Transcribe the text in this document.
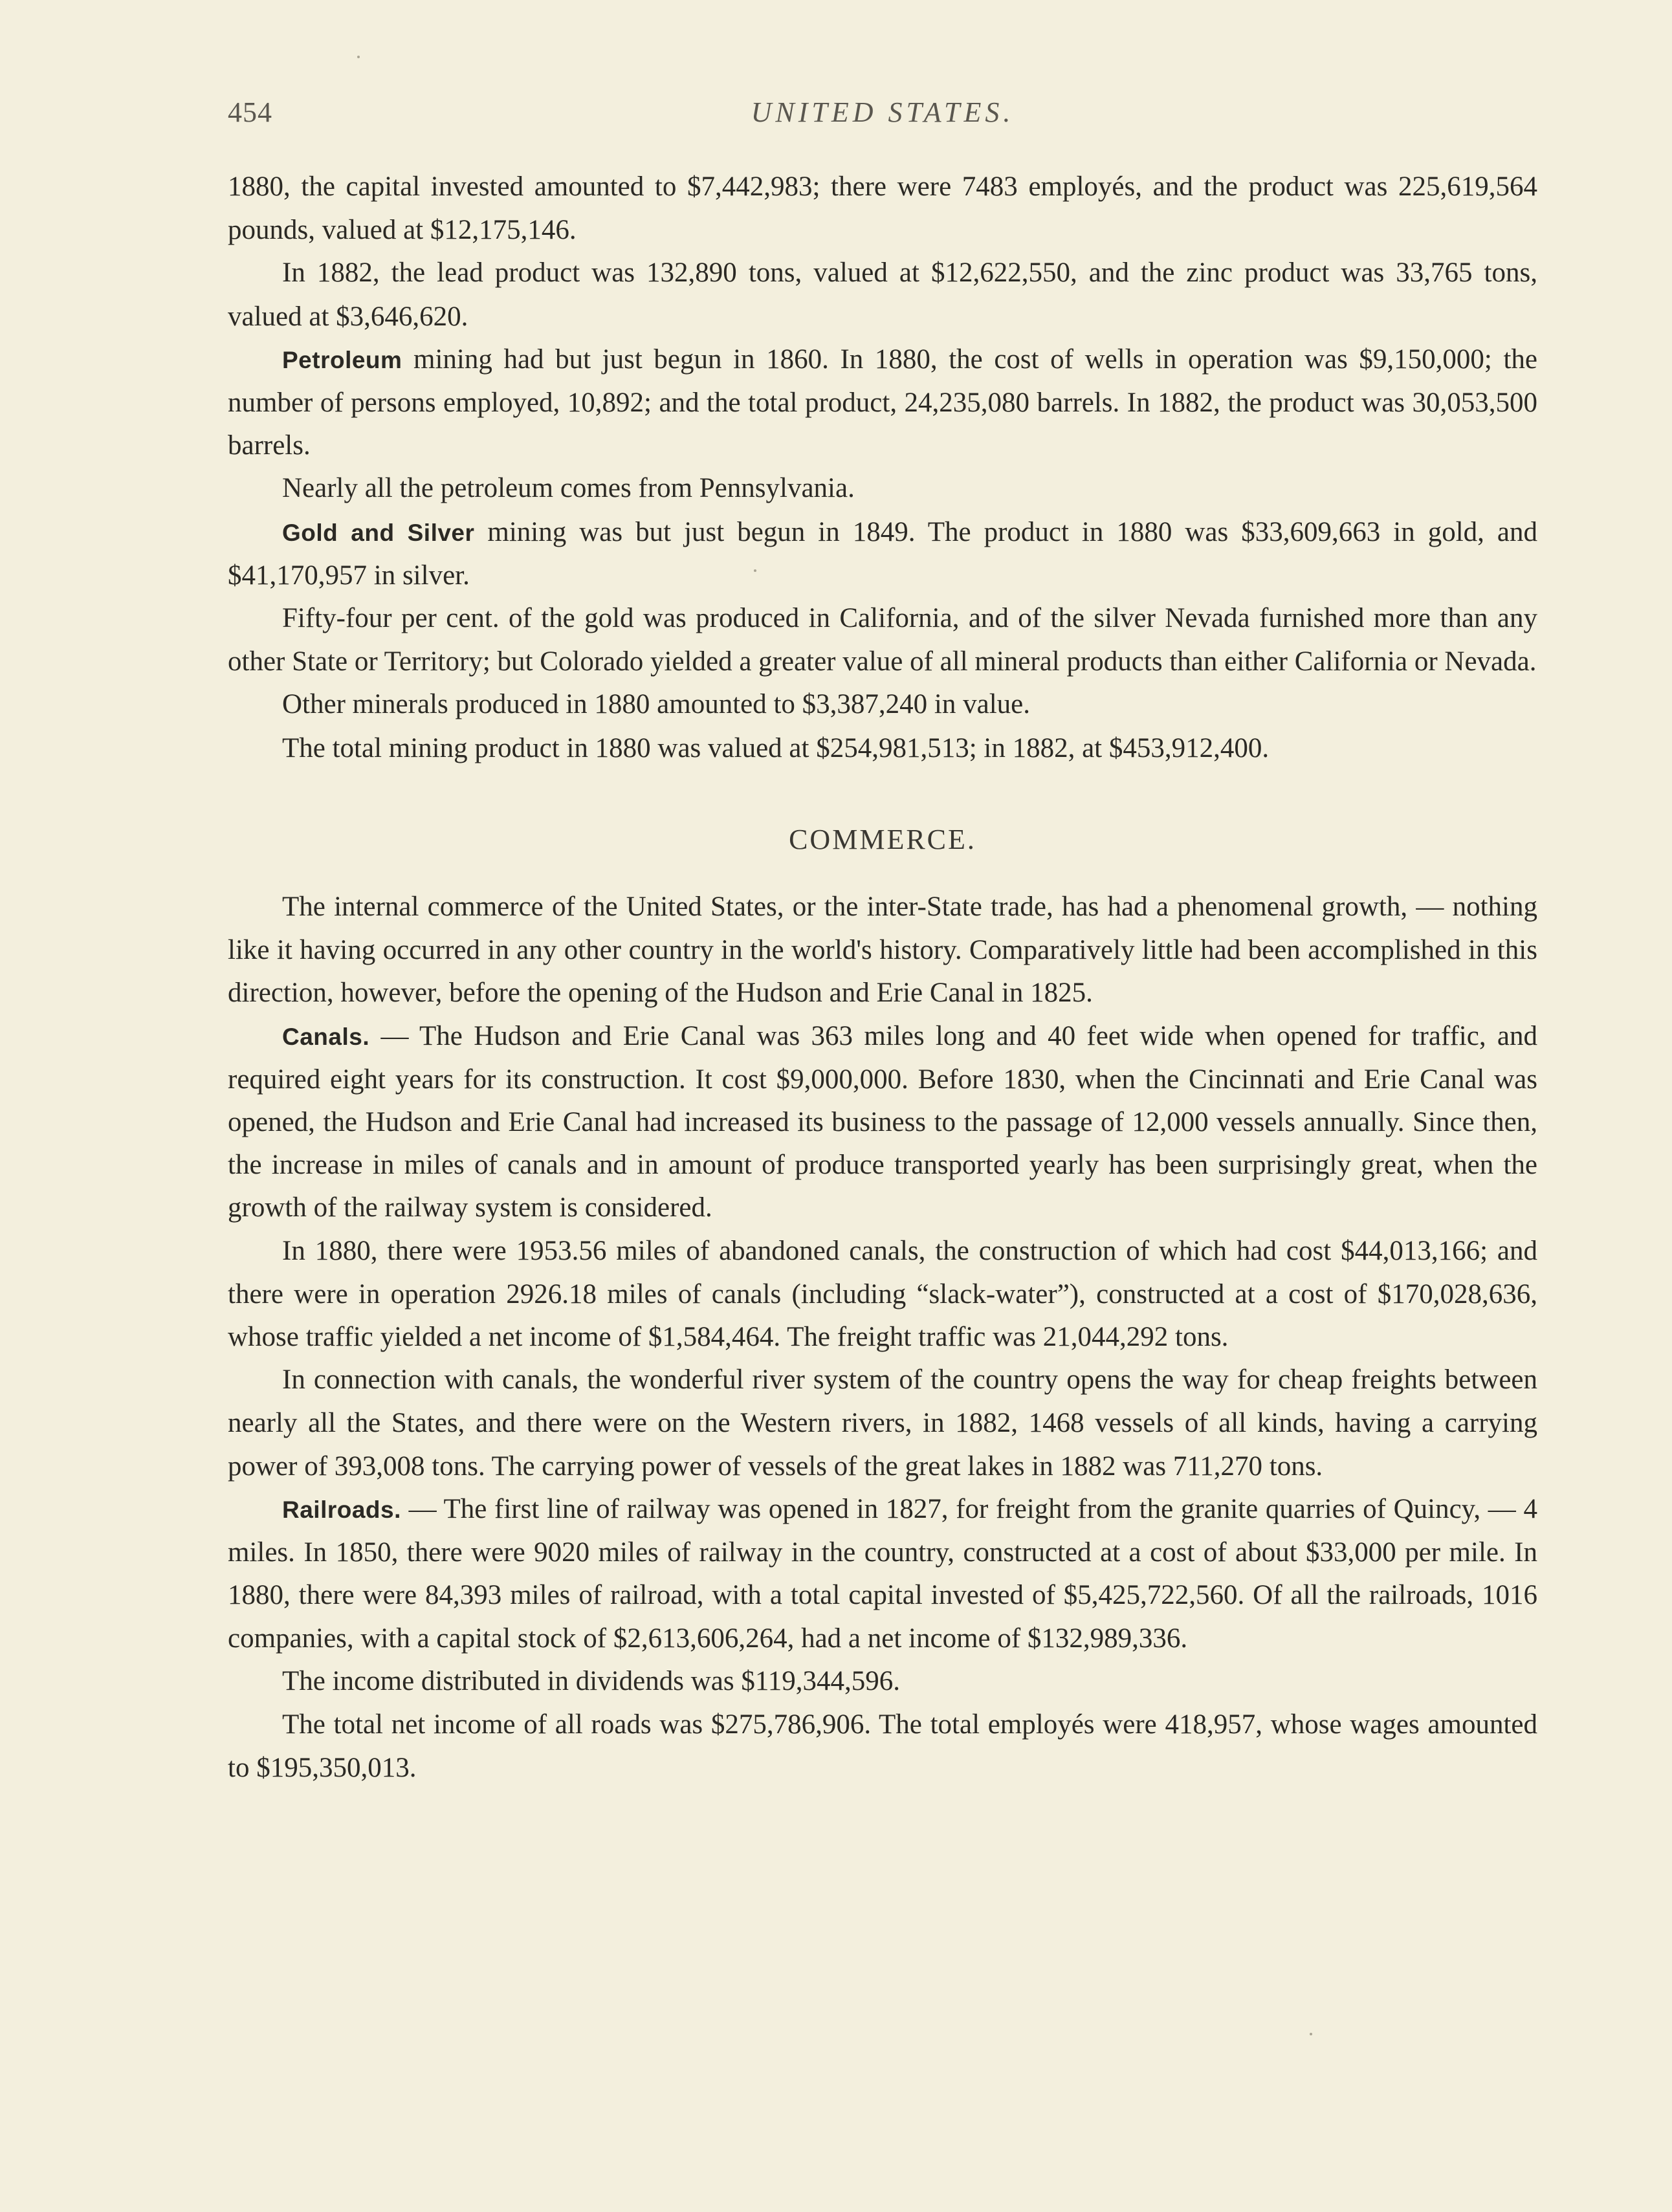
454	UNITED STATES.

1880, the capital invested amounted to $7,442,983; there were 7483 employés, and the product was 225,619,564 pounds, valued at $12,175,146.

In 1882, the lead product was 132,890 tons, valued at $12,622,550, and the zinc product was 33,765 tons, valued at $3,646,620.

Petroleum mining had but just begun in 1860. In 1880, the cost of wells in operation was $9,150,000; the number of persons employed, 10,892; and the total product, 24,235,080 barrels. In 1882, the product was 30,053,500 barrels.

Nearly all the petroleum comes from Pennsylvania.

Gold and Silver mining was but just begun in 1849. The product in 1880 was $33,609,663 in gold, and $41,170,957 in silver.

Fifty-four per cent. of the gold was produced in California, and of the silver Nevada furnished more than any other State or Territory; but Colorado yielded a greater value of all mineral products than either California or Nevada.

Other minerals produced in 1880 amounted to $3,387,240 in value.

The total mining product in 1880 was valued at $254,981,513; in 1882, at $453,912,400.

COMMERCE.

The internal commerce of the United States, or the inter-State trade, has had a phenomenal growth, — nothing like it having occurred in any other country in the world's history. Comparatively little had been accomplished in this direction, however, before the opening of the Hudson and Erie Canal in 1825.

Canals. — The Hudson and Erie Canal was 363 miles long and 40 feet wide when opened for traffic, and required eight years for its construction. It cost $9,000,000. Before 1830, when the Cincinnati and Erie Canal was opened, the Hudson and Erie Canal had increased its business to the passage of 12,000 vessels annually. Since then, the increase in miles of canals and in amount of produce transported yearly has been surprisingly great, when the growth of the railway system is considered.

In 1880, there were 1953.56 miles of abandoned canals, the construction of which had cost $44,013,166; and there were in operation 2926.18 miles of canals (including “slack-water”), constructed at a cost of $170,028,636, whose traffic yielded a net income of $1,584,464. The freight traffic was 21,044,292 tons.

In connection with canals, the wonderful river system of the country opens the way for cheap freights between nearly all the States, and there were on the Western rivers, in 1882, 1468 vessels of all kinds, having a carrying power of 393,008 tons. The carrying power of vessels of the great lakes in 1882 was 711,270 tons.

Railroads. — The first line of railway was opened in 1827, for freight from the granite quarries of Quincy, — 4 miles. In 1850, there were 9020 miles of railway in the country, constructed at a cost of about $33,000 per mile. In 1880, there were 84,393 miles of railroad, with a total capital invested of $5,425,722,560. Of all the railroads, 1016 companies, with a capital stock of $2,613,606,264, had a net income of $132,989,336.

The income distributed in dividends was $119,344,596.

The total net income of all roads was $275,786,906. The total employés were 418,957, whose wages amounted to $195,350,013.
